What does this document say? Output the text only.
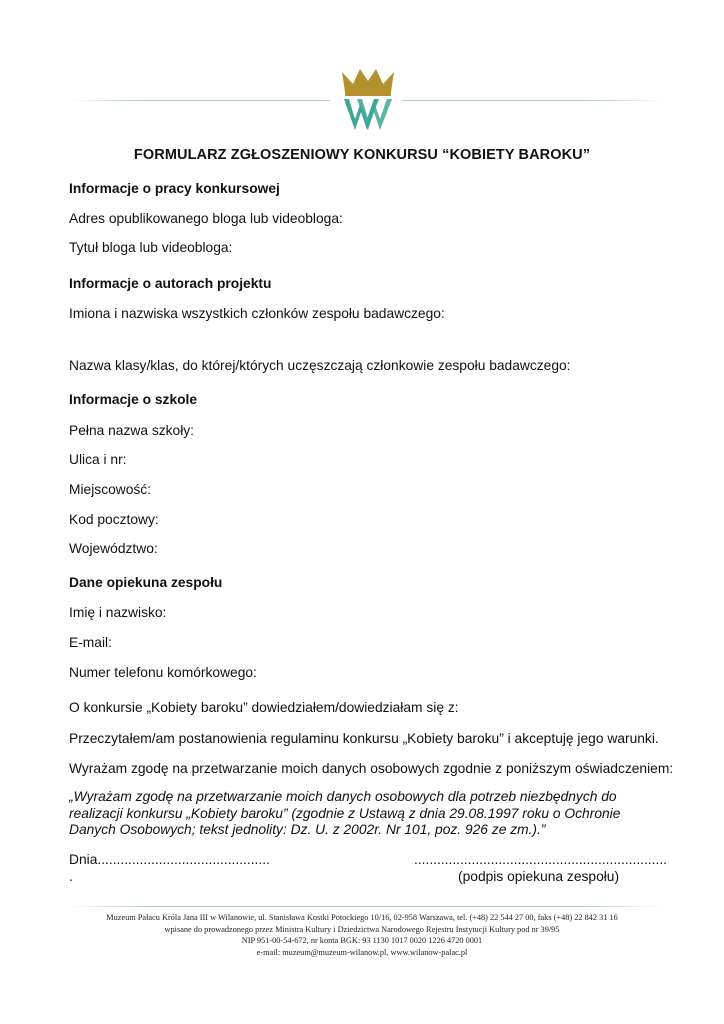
FORMULARZ ZGŁOSZENIOWY KONKURSU “KOBIETY BAROKU”
Informacje o pracy konkursowej
Adres opublikowanego bloga lub videobloga:
Tytuł bloga lub videobloga:
Informacje o autorach projektu
Imiona i nazwiska wszystkich członków zespołu badawczego:
Nazwa klasy/klas, do której/których uczęszczają członkowie zespołu badawczego:
Informacje o szkole
Pełna nazwa szkoły:
Ulica i nr:
Miejscowość:
Kod pocztowy:
Województwo:
Dane opiekuna zespołu
Imię i nazwisko:
E-mail:
Numer telefonu komórkowego:
O konkursie „Kobiety baroku” dowiedziałem/dowiedziałam się z:
Przeczytałem/am postanowienia regulaminu konkursu „Kobiety baroku” i akceptuję jego warunki.
Wyrażam zgodę na przetwarzanie moich danych osobowych zgodnie z poniższym oświadczeniem:
„Wyrażam zgodę na przetwarzanie moich danych osobowych dla potrzeb niezbędnych do realizacji konkursu „Kobiety baroku” (zgodnie z Ustawą z dnia 29.08.1997 roku o Ochronie Danych Osobowych; tekst jednolity: Dz. U. z 2002r. Nr 101, poz. 926 ze zm.).”
Dnia.............................................
.
..................................................................
(podpis opiekuna zespołu)
Muzeum Pałacu Króla Jana III w Wilanowie, ul. Stanisława Kostki Potockiego 10/16, 02-958 Warszawa, tel. (+48) 22 544 27 00, faks (+48) 22 842 31 16
wpisane do prowadzonego przez Ministra Kultury i Dziedzictwa Narodowego Rejestru Instytucji Kultury pod nr 39/95
NIP 951-00-54-672, nr konta BGK: 93 1130 1017 0020 1226 4720 0001
e-mail: muzeum@muzeum-wilanow.pl, www.wilanow-palac.pl
